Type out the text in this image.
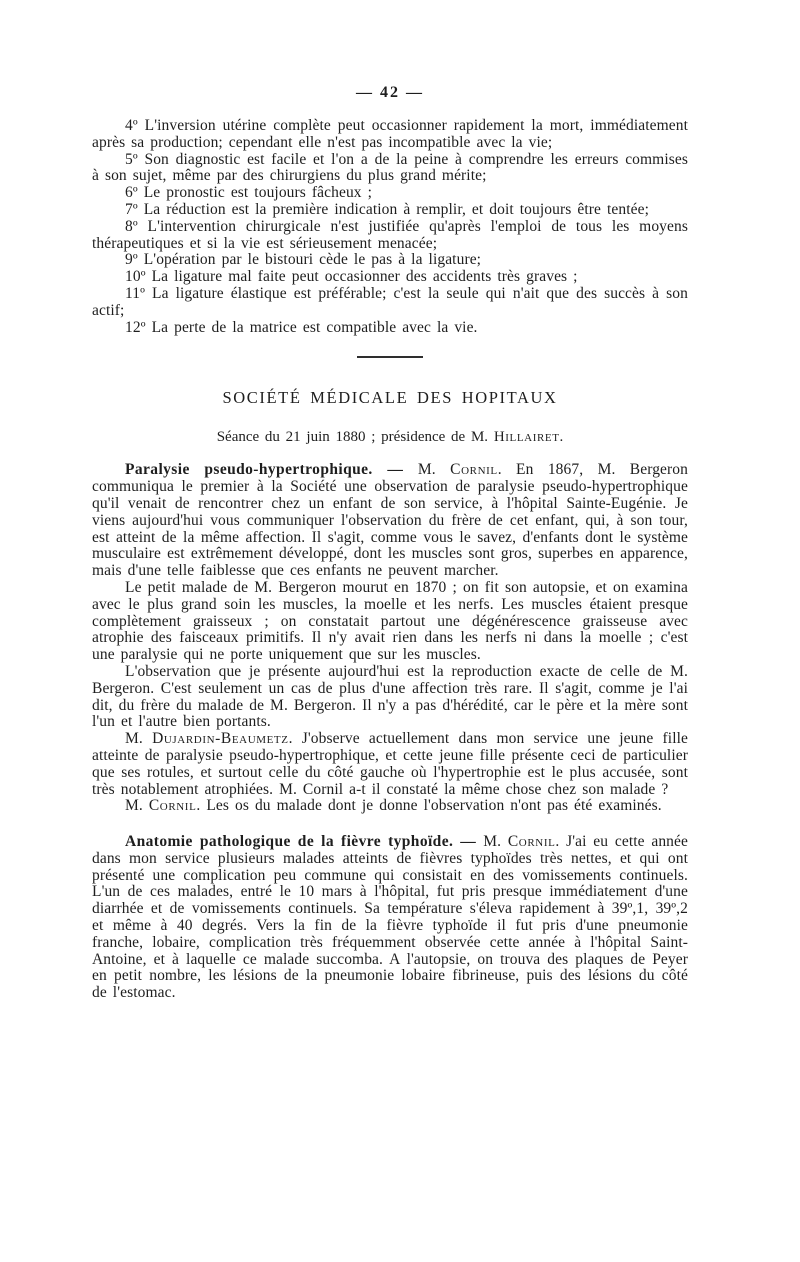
— 42 —

4º L'inversion utérine complète peut occasionner rapidement la mort, immédiatement après sa production; cependant elle n'est pas incompatible avec la vie;

5º Son diagnostic est facile et l'on a de la peine à comprendre les erreurs commises à son sujet, même par des chirurgiens du plus grand mérite;

6º Le pronostic est toujours fâcheux ;

7º La réduction est la première indication à remplir, et doit toujours être tentée;

8º L'intervention chirurgicale n'est justifiée qu'après l'emploi de tous les moyens thérapeutiques et si la vie est sérieusement menacée;

9º L'opération par le bistouri cède le pas à la ligature;

10º La ligature mal faite peut occasionner des accidents très graves ;

11º La ligature élastique est préférable; c'est la seule qui n'ait que des succès à son actif;

12º La perte de la matrice est compatible avec la vie.

SOCIÉTÉ MÉDICALE DES HOPITAUX
Séance du 21 juin 1880 ; présidence de M. Hillairet.

Paralysie pseudo-hypertrophique. — M. Cornil. En 1867, M. Bergeron communiqua le premier à la Société une observation de paralysie pseudo-hypertrophique qu'il venait de rencontrer chez un enfant de son service, à l'hôpital Sainte-Eugénie. Je viens aujourd'hui vous communiquer l'observation du frère de cet enfant, qui, à son tour, est atteint de la même affection. Il s'agit, comme vous le savez, d'enfants dont le système musculaire est extrêmement développé, dont les muscles sont gros, superbes en apparence, mais d'une telle faiblesse que ces enfants ne peuvent marcher.

Le petit malade de M. Bergeron mourut en 1870 ; on fit son autopsie, et on examina avec le plus grand soin les muscles, la moelle et les nerfs. Les muscles étaient presque complètement graisseux ; on constatait partout une dégénérescence graisseuse avec atrophie des faisceaux primitifs. Il n'y avait rien dans les nerfs ni dans la moelle ; c'est une paralysie qui ne porte uniquement que sur les muscles.

L'observation que je présente aujourd'hui est la reproduction exacte de celle de M. Bergeron. C'est seulement un cas de plus d'une affection très rare. Il s'agit, comme je l'ai dit, du frère du malade de M. Bergeron. Il n'y a pas d'hérédité, car le père et la mère sont l'un et l'autre bien portants.

M. Dujardin-Beaumetz. J'observe actuellement dans mon service une jeune fille atteinte de paralysie pseudo-hypertrophique, et cette jeune fille présente ceci de particulier que ses rotules, et surtout celle du côté gauche où l'hypertrophie est le plus accusée, sont très notablement atrophiées. M. Cornil a-t il constaté la même chose chez son malade ?

M. Cornil. Les os du malade dont je donne l'observation n'ont pas été examinés.

Anatomie pathologique de la fièvre typhoïde. — M. Cornil. J'ai eu cette année dans mon service plusieurs malades atteints de fièvres typhoïdes très nettes, et qui ont présenté une complication peu commune qui consistait en des vomissements continuels. L'un de ces malades, entré le 10 mars à l'hôpital, fut pris presque immédiatement d'une diarrhée et de vomissements continuels. Sa température s'éleva rapidement à 39º,1, 39º,2 et même à 40 degrés. Vers la fin de la fièvre typhoïde il fut pris d'une pneumonie franche, lobaire, complication très fréquemment observée cette année à l'hôpital Saint-Antoine, et à laquelle ce malade succomba. A l'autopsie, on trouva des plaques de Peyer en petit nombre, les lésions de la pneumonie lobaire fibrineuse, puis des lésions du côté de l'estomac.
